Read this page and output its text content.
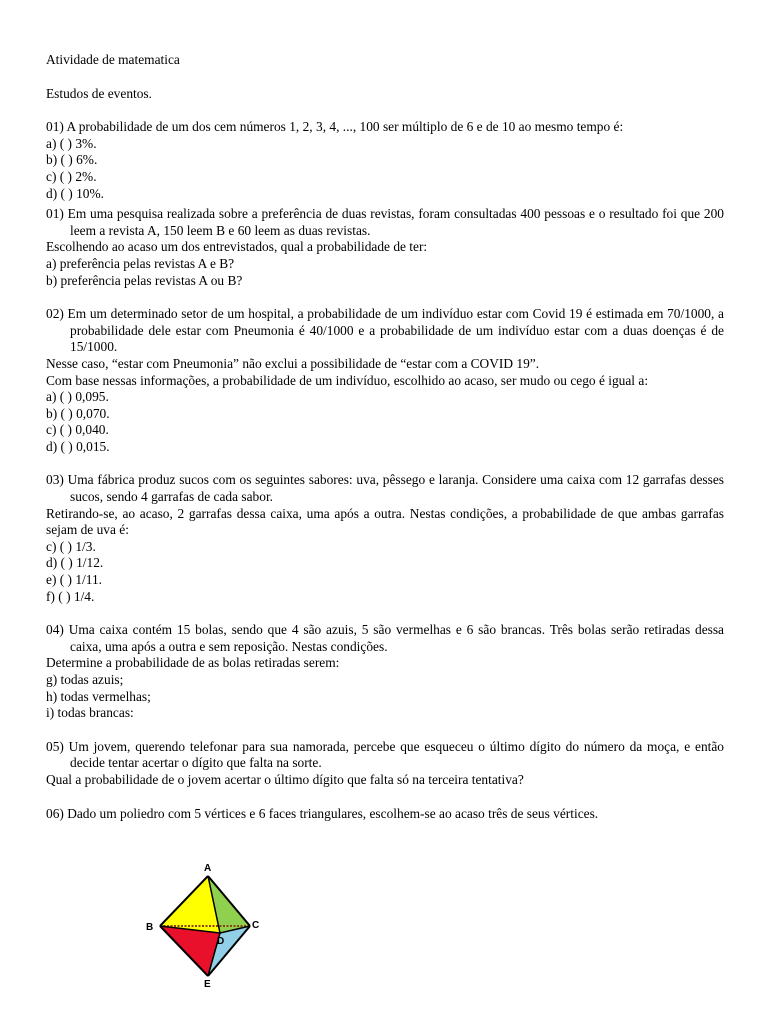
Atividade de matematica
Estudos de eventos.
01) A probabilidade de um dos cem números 1, 2, 3, 4, ..., 100 ser múltiplo de 6 e de 10 ao mesmo tempo é:
a) ( ) 3%.
b) ( ) 6%.
c) ( ) 2%.
d) ( ) 10%.
01) Em uma pesquisa realizada sobre a preferência de duas revistas, foram consultadas 400 pessoas e o resultado foi que 200 leem a revista A, 150 leem B e 60 leem as duas revistas.
Escolhendo ao acaso um dos entrevistados, qual a probabilidade de ter:
a) preferência pelas revistas A e B?
b) preferência pelas revistas A ou B?
02) Em um determinado setor de um hospital, a probabilidade de um indivíduo estar com Covid 19 é estimada em 70/1000, a probabilidade dele estar com Pneumonia é 40/1000 e a probabilidade de um indivíduo estar com a duas doenças é de 15/1000.
Nesse caso, “estar com Pneumonia” não exclui a possibilidade de “estar com a COVID 19”.
Com base nessas informações, a probabilidade de um indivíduo, escolhido ao acaso, ser mudo ou cego é igual a:
a) ( ) 0,095.
b) ( ) 0,070.
c) ( ) 0,040.
d) ( ) 0,015.
03) Uma fábrica produz sucos com os seguintes sabores: uva, pêssego e laranja. Considere uma caixa com 12 garrafas desses sucos, sendo 4 garrafas de cada sabor.
Retirando-se, ao acaso, 2 garrafas dessa caixa, uma após a outra. Nestas condições, a probabilidade de que ambas garrafas sejam de uva é:
c) ( ) 1/3.
d) ( ) 1/12.
e) ( ) 1/11.
f) ( ) 1/4.
04) Uma caixa contém 15 bolas, sendo que 4 são azuis, 5 são vermelhas e 6 são brancas. Três bolas serão retiradas dessa caixa, uma após a outra e sem reposição. Nestas condições.
Determine a probabilidade de as bolas retiradas serem:
g) todas azuis;
h) todas vermelhas;
i) todas brancas:
05) Um jovem, querendo telefonar para sua namorada, percebe que esqueceu o último dígito do número da moça, e então decide tentar acertar o dígito que falta na sorte.
Qual a probabilidade de o jovem acertar o último dígito que falta só na terceira tentativa?
06) Dado um poliedro com 5 vértices e 6 faces triangulares, escolhem-se ao acaso três de seus vértices.
A
B	C
D
E
